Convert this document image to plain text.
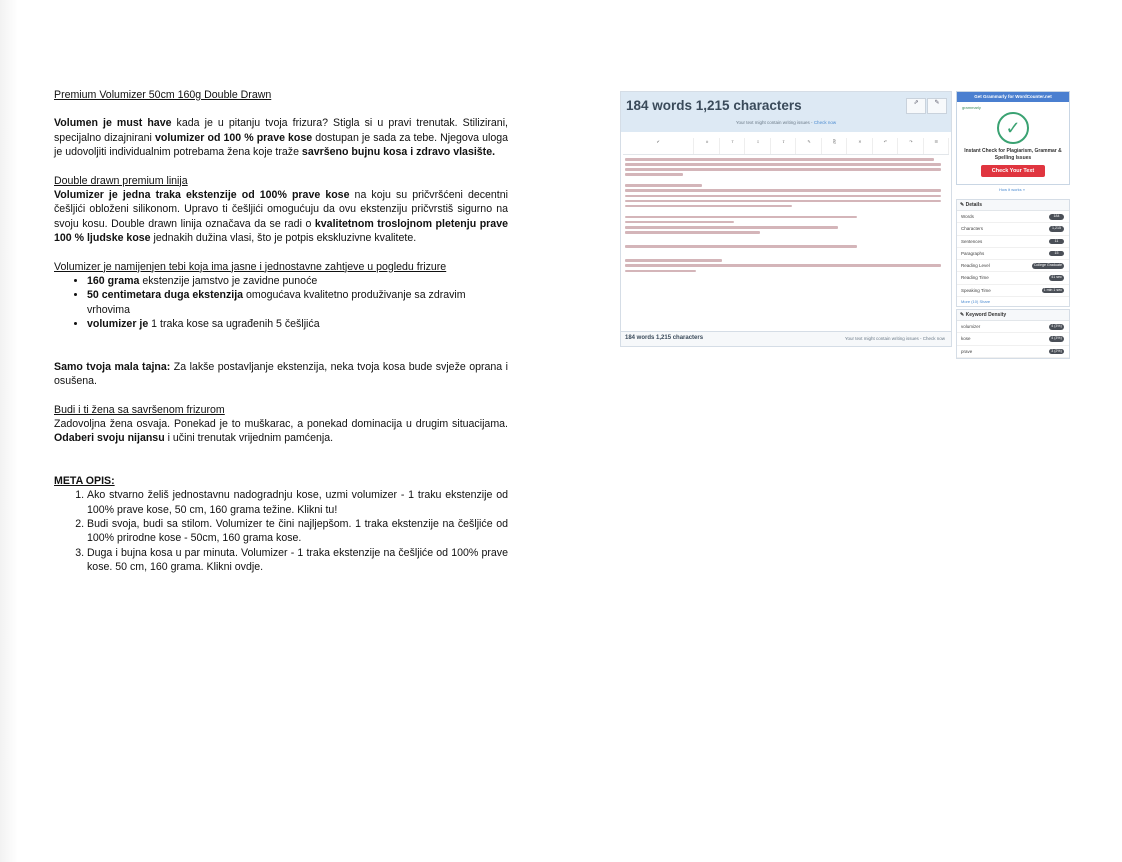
Premium Volumizer 50cm 160g Double Drawn

Volumen je must have kada je u pitanju tvoja frizura? Stigla si u pravi trenutak. Stilizirani, specijalno dizajnirani volumizer od 100 % prave kose dostupan je sada za tebe. Njegova uloga je udovoljiti individualnim potrebama žena koje traže savršeno bujnu kosa i zdravo vlasište.

Double drawn premium linija

Volumizer je jedna traka ekstenzije od 100% prave kose na koju su pričvršćeni decentni češljići obloženi silikonom. Upravo ti češljići omogućuju da ovu ekstenziju pričvrstiš sigurno na svoju kosu. Double drawn linija označava da se radi o kvalitetnom troslojnom pletenju prave 100 % ljudske kose jednakih dužina vlasi, što je potpis ekskluzivne kvalitete.

Volumizer je namijenjen tebi koja ima jasne i jednostavne zahtjeve u pogledu frizure

• 160 grama ekstenzije jamstvo je zavidne punoće
• 50 centimetara duga ekstenzija omogućava kvalitetno produživanje sa zdravim vrhovima
• volumizer je 1 traka kose sa ugrađenih 5 češljića

Samo tvoja mala tajna: Za lakše postavljanje ekstenzija, neka tvoja kosa bude svježe oprana i osušena.

Budi i ti žena sa savršenom frizurom

Zadovoljna žena osvaja. Ponekad je to muškarac, a ponekad dominacija u drugim situacijama. Odaberi svoju nijansu i učini trenutak vrijednim pamćenja.

META OPIS:

1. Ako stvarno želiš jednostavnu nadogradnju kose, uzmi volumizer - 1 traku ekstenzije od 100% prave kose, 50 cm, 160 grama težine. Klikni tu!
2. Budi svoja, budi sa stilom. Volumizer te čini najljepšom. 1 traka ekstenzije na češljiće od 100% prirodne kose - 50cm, 160 grama kose.
3. Duga i bujna kosa u par minuta. Volumizer - 1 traka ekstenzije na češljiće od 100% prave kose. 50 cm, 160 grama. Klikni ovdje.
184 words 1,215 characters	⇗	✎
Your text might contain writing issues - Check now
✔	#	T	⇩	⇧	✎	⎘	✕	↶	↷	☰
184 words 1,215 characters	Your text might contain writing issues - Check now
Get Grammarly for WordCounter.net
grammarly
✓
Instant Check for Plagiarism, Grammar & Spelling Issues
Check Your Text
How it works »
✎ Details
Words	184
Characters	1,215
Sentences	11
Paragraphs	15
Reading Level	College Graduate
Reading Time	41 sec
Speaking Time	1 min 1 sec
More (10) Share
✎ Keyword Density
volumizer	4 (3%)
kose	4 (3%)
prave	3 (2%)
